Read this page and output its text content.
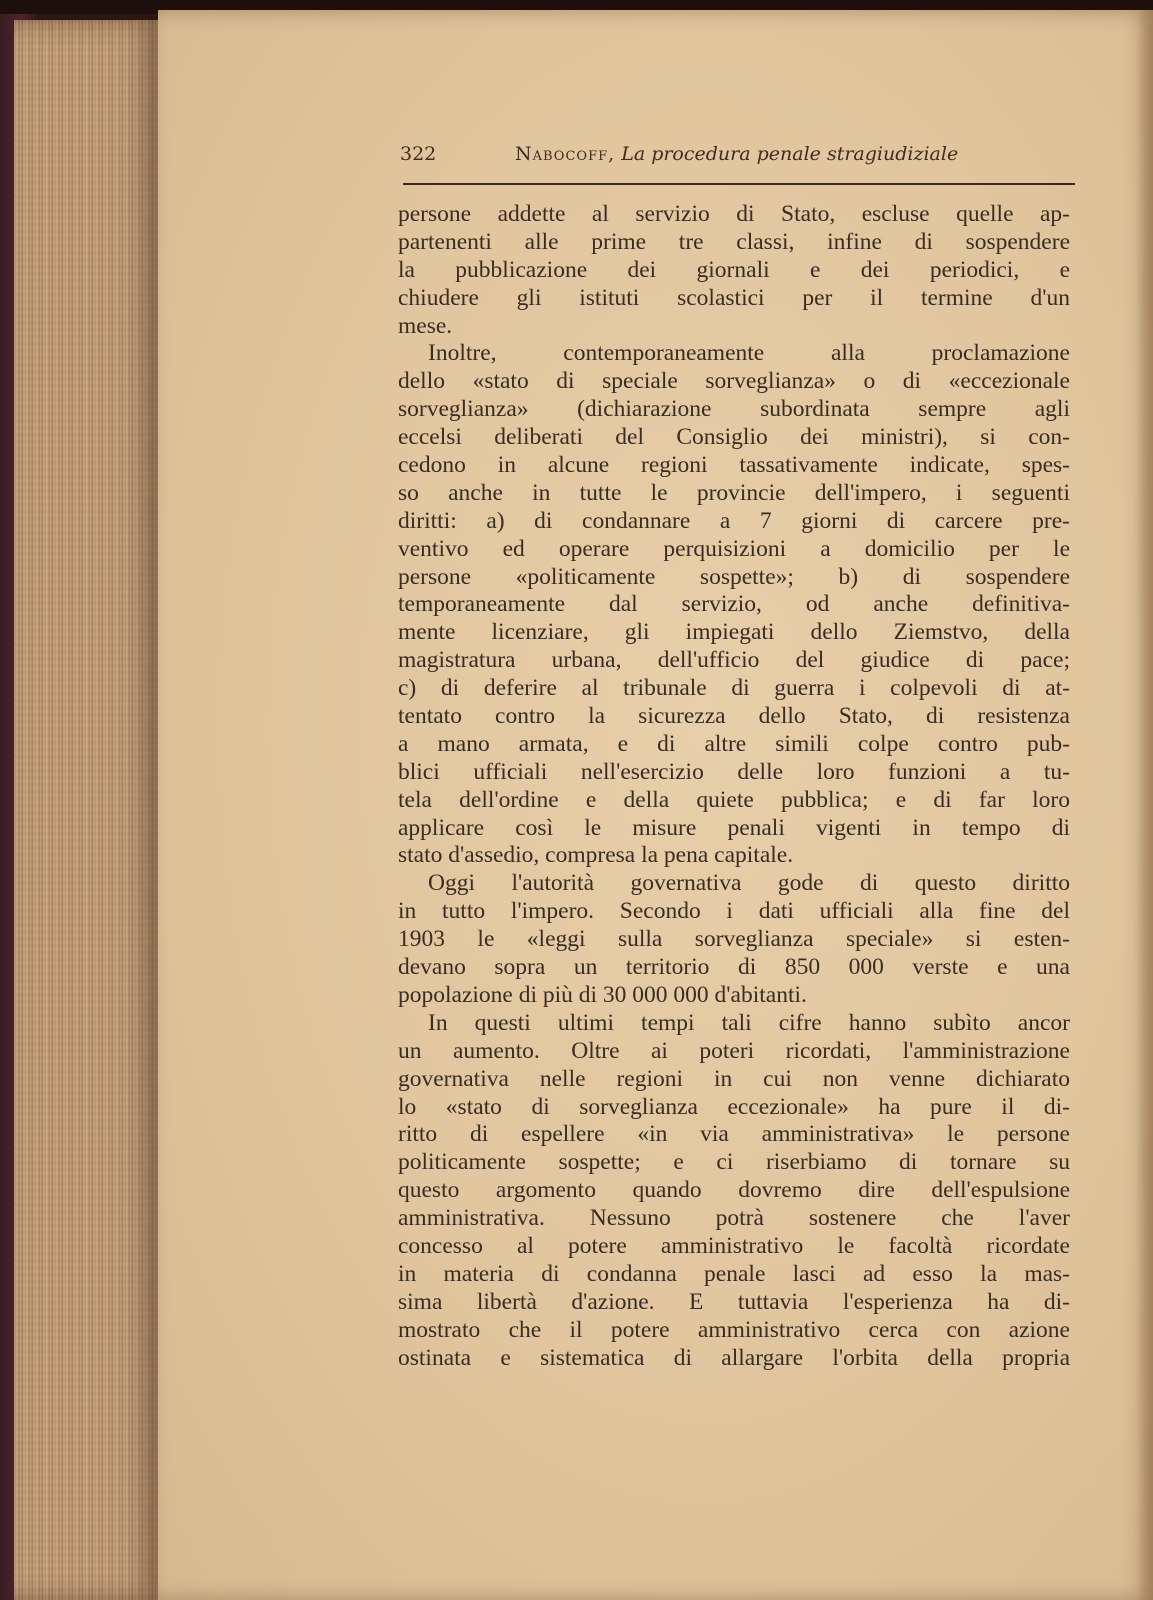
322	Nabocoff, La procedura penale stragiudiziale
persone addette al servizio di Stato, escluse quelle ap-
partenenti alle prime tre classi, infine di sospendere
la pubblicazione dei giornali e dei periodici, e
chiudere gli istituti scolastici per il termine d'un
mese.
Inoltre, contemporaneamente alla proclamazione
dello «stato di speciale sorveglianza» o di «eccezionale
sorveglianza» (dichiarazione subordinata sempre agli
eccelsi deliberati del Consiglio dei ministri), si con-
cedono in alcune regioni tassativamente indicate, spes-
so anche in tutte le provincie dell'impero, i seguenti
diritti: a) di condannare a 7 giorni di carcere pre-
ventivo ed operare perquisizioni a domicilio per le
persone «politicamente sospette»; b) di sospendere
temporaneamente dal servizio, od anche definitiva-
mente licenziare, gli impiegati dello Ziemstvo, della
magistratura urbana, dell'ufficio del giudice di pace;
c) di deferire al tribunale di guerra i colpevoli di at-
tentato contro la sicurezza dello Stato, di resistenza
a mano armata, e di altre simili colpe contro pub-
blici ufficiali nell'esercizio delle loro funzioni a tu-
tela dell'ordine e della quiete pubblica; e di far loro
applicare così le misure penali vigenti in tempo di
stato d'assedio, compresa la pena capitale.
Oggi l'autorità governativa gode di questo diritto
in tutto l'impero. Secondo i dati ufficiali alla fine del
1903 le «leggi sulla sorveglianza speciale» si esten-
devano sopra un territorio di 850 000 verste e una
popolazione di più di 30 000 000 d'abitanti.
In questi ultimi tempi tali cifre hanno subìto ancor
un aumento. Oltre ai poteri ricordati, l'amministrazione
governativa nelle regioni in cui non venne dichiarato
lo «stato di sorveglianza eccezionale» ha pure il di-
ritto di espellere «in via amministrativa» le persone
politicamente sospette; e ci riserbiamo di tornare su
questo argomento quando dovremo dire dell'espulsione
amministrativa. Nessuno potrà sostenere che l'aver
concesso al potere amministrativo le facoltà ricordate
in materia di condanna penale lasci ad esso la mas-
sima libertà d'azione. E tuttavia l'esperienza ha di-
mostrato che il potere amministrativo cerca con azione
ostinata e sistematica di allargare l'orbita della propria
